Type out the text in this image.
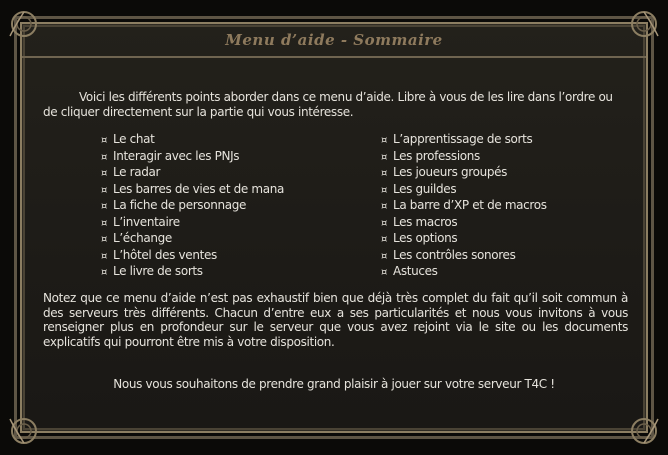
Menu d’aide - Sommaire
Voici les différents points aborder dans ce menu d’aide. Libre à vous de les lire dans l’ordre ou de cliquer directement sur la partie qui vous intéresse.
¤ Le chat
¤ Interagir avec les PNJs
¤ Le radar
¤ Les barres de vies et de mana
¤ La fiche de personnage
¤ L’inventaire
¤ L’échange
¤ L’hôtel des ventes
¤ Le livre de sorts
¤ L’apprentissage de sorts
¤ Les professions
¤ Les joueurs groupés
¤ Les guildes
¤ La barre d’XP et de macros
¤ Les macros
¤ Les options
¤ Les contrôles sonores
¤ Astuces
Notez que ce menu d’aide n’est pas exhaustif bien que déjà très complet du fait qu’il soit commun à des serveurs très différents. Chacun d’entre eux a ses particularités et nous vous invitons à vous renseigner plus en profondeur sur le serveur que vous avez rejoint via le site ou les documents explicatifs qui pourront être mis à votre disposition.
Nous vous souhaitons de prendre grand plaisir à jouer sur votre serveur T4C !
